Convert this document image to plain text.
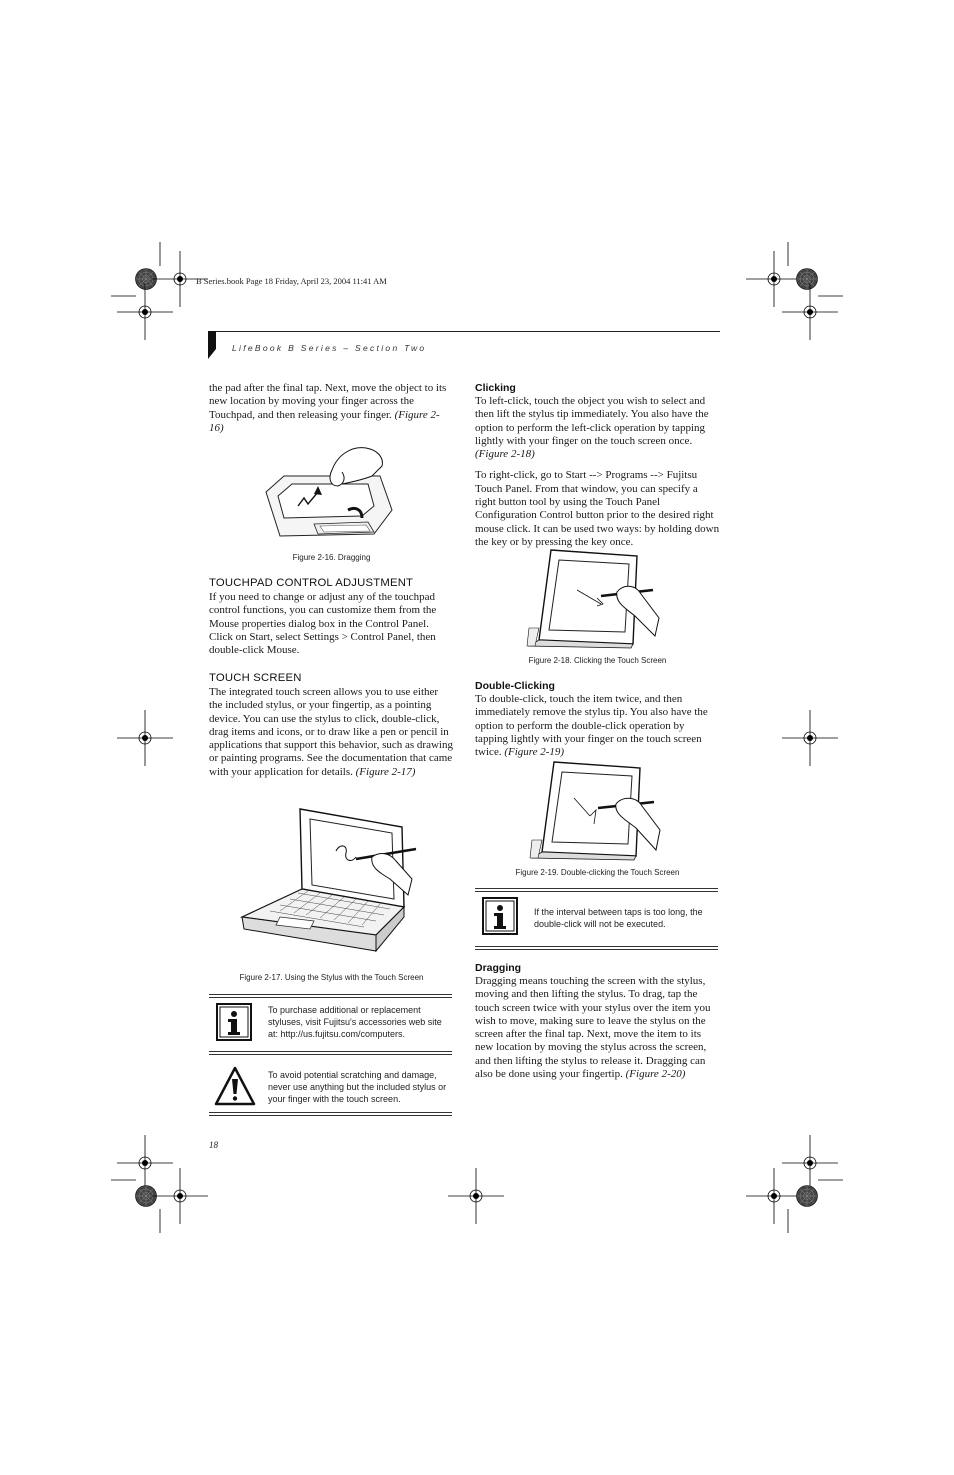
B Series.book Page 18 Friday, April 23, 2004 11:41 AM
LifeBook B Series – Section Two

the pad after the final tap. Next, move the object to its new location by moving your finger across the Touchpad, and then releasing your finger. (Figure 2-16)

Figure 2-16. Dragging
TOUCHPAD CONTROL ADJUSTMENT

If you need to change or adjust any of the touchpad control functions, you can customize them from the Mouse properties dialog box in the Control Panel. Click on Start, select Settings > Control Panel, then double-click Mouse.

TOUCH SCREEN

The integrated touch screen allows you to use either the included stylus, or your fingertip, as a pointing device. You can use the stylus to click, double-click, drag items and icons, or to draw like a pen or pencil in applications that support this behavior, such as drawing or painting programs. See the documentation that came with your application for details. (Figure 2-17)

Figure 2-17. Using the Stylus with the Touch Screen
To purchase additional or replacement styluses, visit Fujitsu's accessories web site at: http://us.fujitsu.com/computers.
To avoid potential scratching and damage, never use anything but the included stylus or your finger with the touch screen.
18
Clicking

To left-click, touch the object you wish to select and then lift the stylus tip immediately. You also have the option to perform the left-click operation by tapping lightly with your finger on the touch screen once. (Figure 2-18)

To right-click, go to Start --> Programs --> Fujitsu Touch Panel. From that window, you can specify a right button tool by using the Touch Panel Configuration Control button prior to the desired right mouse click. It can be used two ways: by holding down the key or by pressing the key once.

Figure 2-18. Clicking the Touch Screen
Double-Clicking

To double-click, touch the item twice, and then immediately remove the stylus tip. You also have the option to perform the double-click operation by tapping lightly with your finger on the touch screen twice. (Figure 2-19)

Figure 2-19. Double-clicking the Touch Screen
If the interval between taps is too long, the double-click will not be executed.
Dragging

Dragging means touching the screen with the stylus, moving and then lifting the stylus. To drag, tap the touch screen twice with your stylus over the item you wish to move, making sure to leave the stylus on the screen after the final tap. Next, move the item to its new location by moving the stylus across the screen, and then lifting the stylus to release it. Dragging can also be done using your fingertip. (Figure 2-20)
